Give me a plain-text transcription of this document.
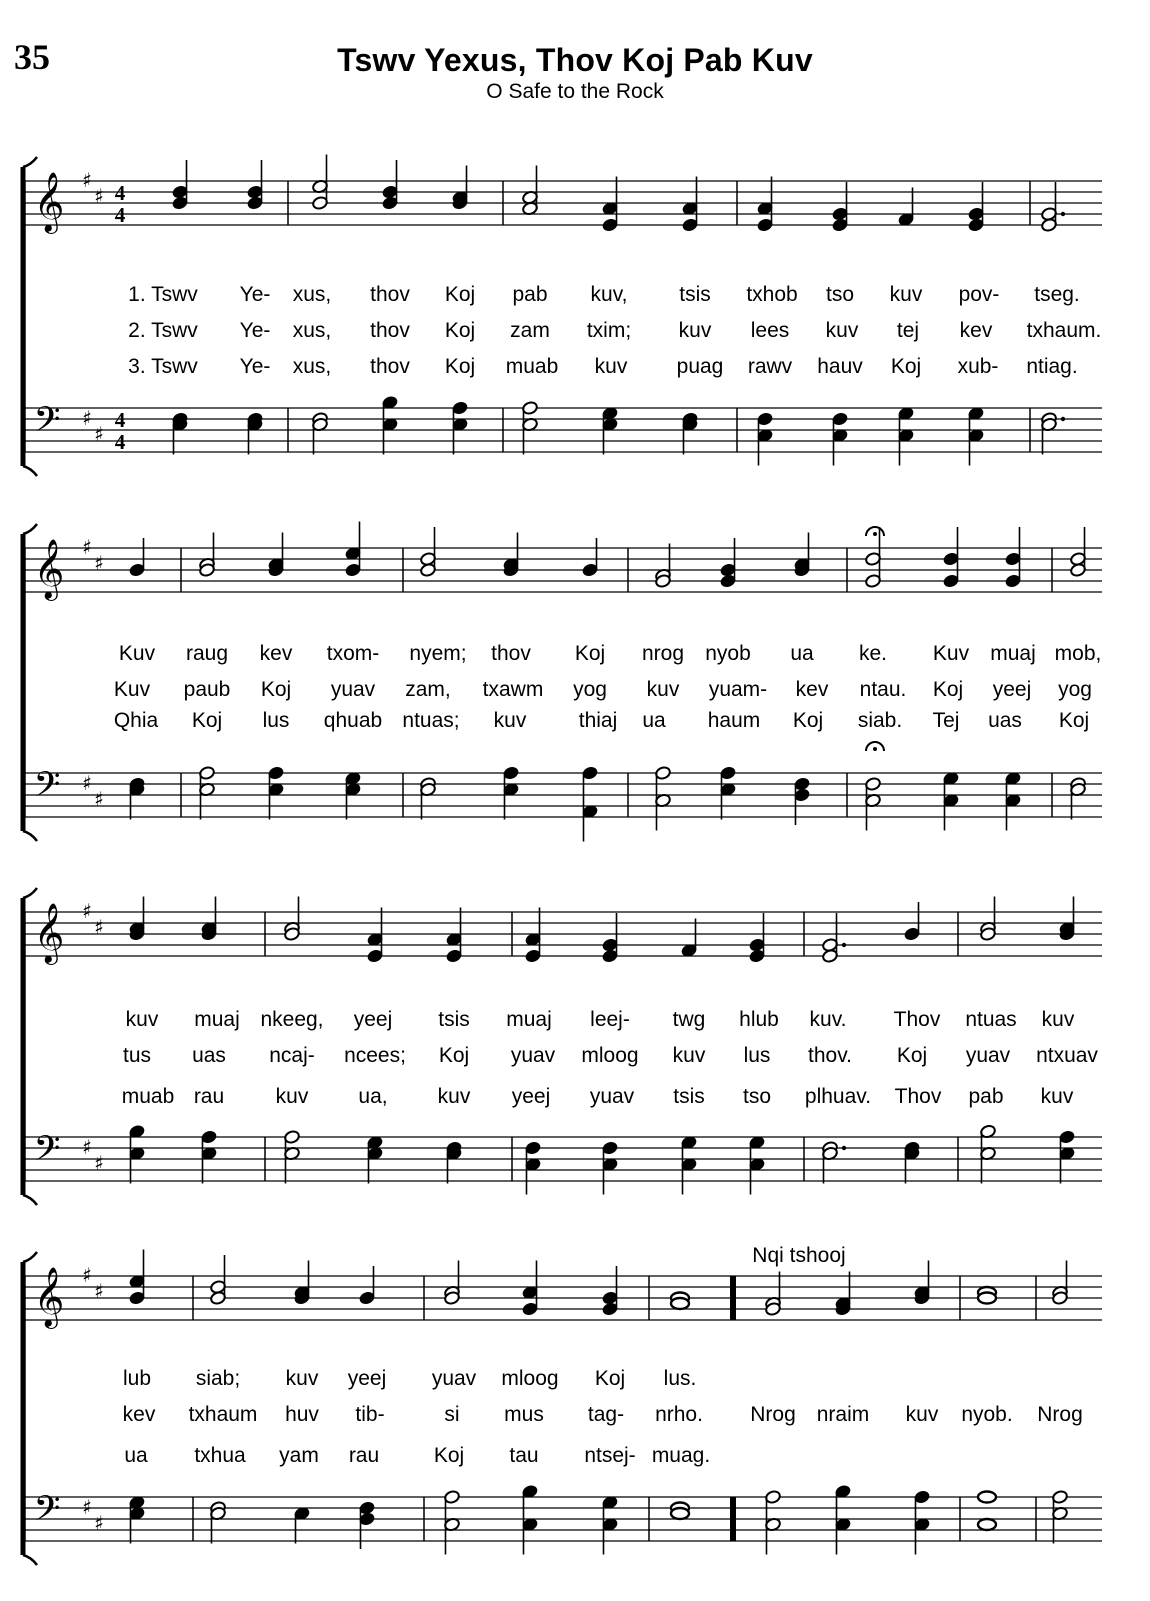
35	Tswv Yexus, Thov Koj Pab Kuv
O Safe to the Rock
𝄞
𝄢
♯
♯
♯
♯
4
4
4
4
1. Tswv Ye- xus, thov Koj pab kuv, tsis txhob tso kuv pov- tseg.
2. Tswv Ye- xus, thov Koj zam txim; kuv lees kuv tej kev txhaum.
3. Tswv Ye- xus, thov Koj muab kuv puag rawv hauv Koj xub- ntiag.
𝄞
𝄢
♯
♯
♯
♯
Kuv raug kev txom- nyem; thov Koj nrog nyob ua ke. Kuv muaj mob,
Kuv paub Koj yuav zam, txawm yog kuv yuam- kev ntau. Koj yeej yog
Qhia Koj lus qhuab ntuas; kuv thiaj ua haum Koj siab. Tej uas Koj
𝄞
𝄢
♯
♯
♯
♯
kuv muaj nkeeg, yeej tsis muaj leej- twg hlub kuv. Thov ntuas kuv
tus uas ncaj- ncees; Koj yuav mloog kuv lus thov. Koj yuav ntxuav
muab rau kuv ua, kuv yeej yuav tsis tso plhuav. Thov pab kuv
𝄞
𝄢
♯
♯
♯
♯
lub siab; kuv yeej yuav mloog Koj lus.
kev txhaum huv tib-	si mus tag- nrho. Nrog nraim kuv nyob. Nrog
ua txhua yam rau	Koj tau ntsej- muag.
Nqi tshooj
